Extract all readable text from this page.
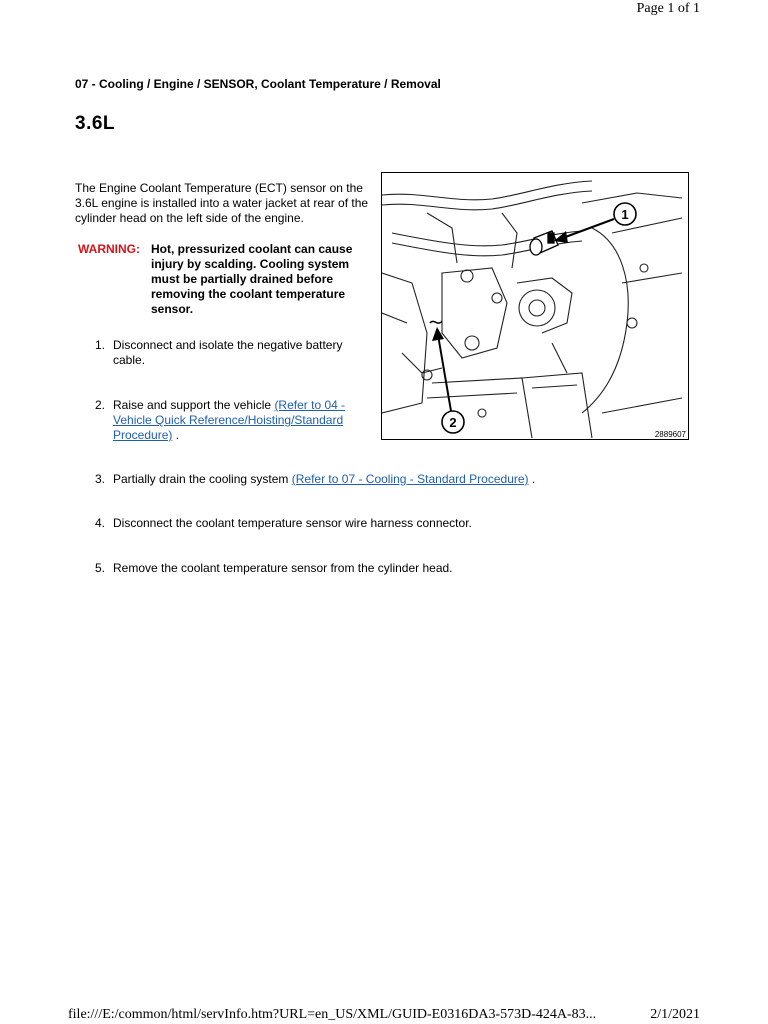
Page 1 of 1
07 - Cooling / Engine / SENSOR, Coolant Temperature / Removal
3.6L
The Engine Coolant Temperature (ECT) sensor on the 3.6L engine is installed into a water jacket at rear of the cylinder head on the left side of the engine.
WARNING: Hot, pressurized coolant can cause
injury by scalding. Cooling system
must be partially drained before
removing the coolant temperature
sensor.
1. Disconnect and isolate the negative battery
cable.
2. Raise and support the vehicle (Refer to 04 -
Vehicle Quick Reference/Hoisting/Standard
Procedure) .
3. Partially drain the cooling system (Refer to 07 - Cooling - Standard Procedure) .
4. Disconnect the coolant temperature sensor wire harness connector.
5. Remove the coolant temperature sensor from the cylinder head.
1
2
2889607
file:///E:/common/html/servInfo.htm?URL=en_US/XML/GUID-E0316DA3-573D-424A-83...	2/1/2021
